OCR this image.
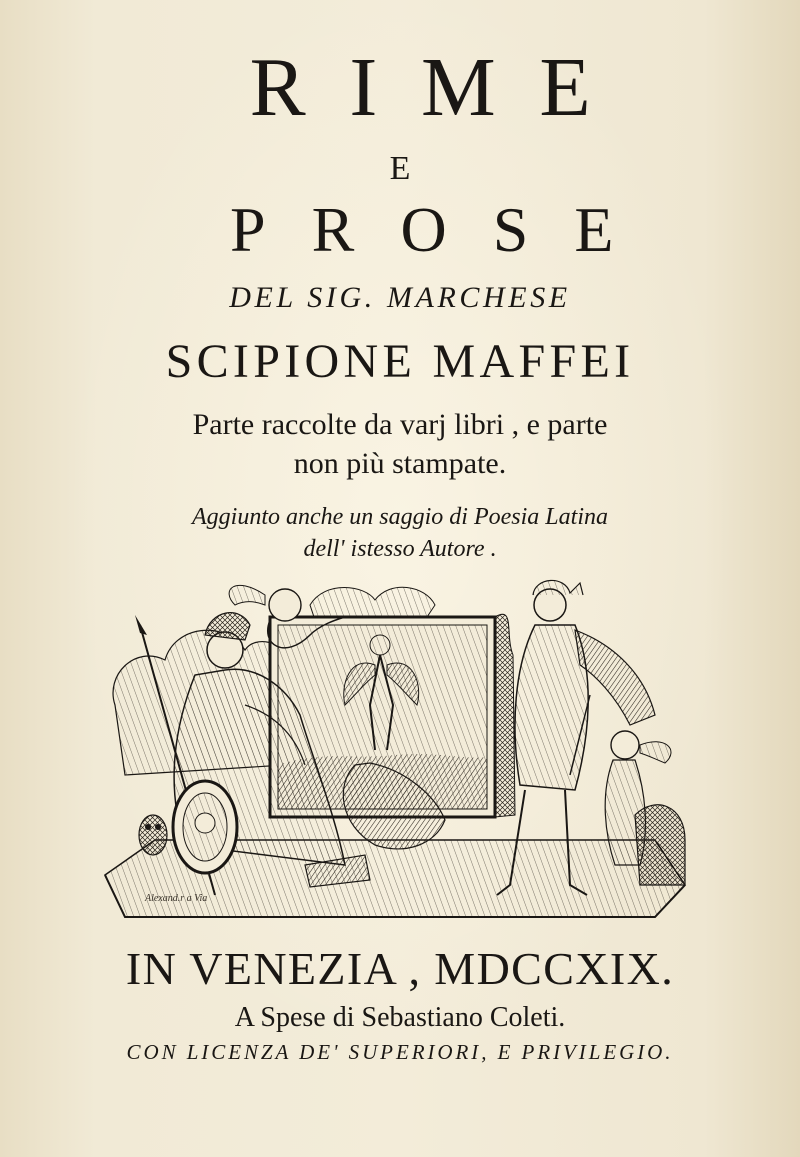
RIME
E
PROSE
DEL SIG. MARCHESE
SCIPIONE MAFFEI
Parte raccolte da varj libri , e parte
non più stampate.
Aggiunto anche un saggio di Poesia Latina
dell' istesso Autore .
Alexand.r a Via
IN VENEZIA , MDCCXIX.
A Spese di Sebastiano Coleti.
CON LICENZA DE' SUPERIORI, E PRIVILEGIO.
